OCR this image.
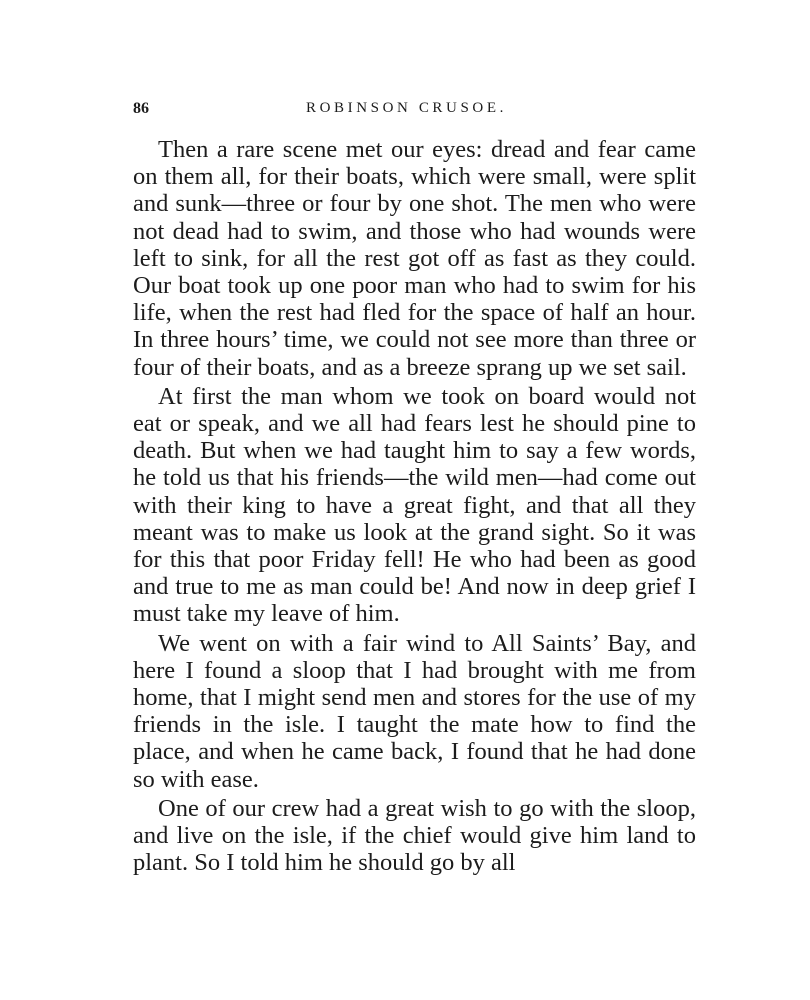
86	ROBINSON CRUSOE.

Then a rare scene met our eyes: dread and fear came on them all, for their boats, which were small, were split and sunk—three or four by one shot. The men who were not dead had to swim, and those who had wounds were left to sink, for all the rest got off as fast as they could. Our boat took up one poor man who had to swim for his life, when the rest had fled for the space of half an hour. In three hours’ time, we could not see more than three or four of their boats, and as a breeze sprang up we set sail.

At first the man whom we took on board would not eat or speak, and we all had fears lest he should pine to death. But when we had taught him to say a few words, he told us that his friends—the wild men—had come out with their king to have a great fight, and that all they meant was to make us look at the grand sight. So it was for this that poor Friday fell! He who had been as good and true to me as man could be! And now in deep grief I must take my leave of him.

We went on with a fair wind to All Saints’ Bay, and here I found a sloop that I had brought with me from home, that I might send men and stores for the use of my friends in the isle. I taught the mate how to find the place, and when he came back, I found that he had done so with ease.

One of our crew had a great wish to go with the sloop, and live on the isle, if the chief would give him land to plant. So I told him he should go by all
